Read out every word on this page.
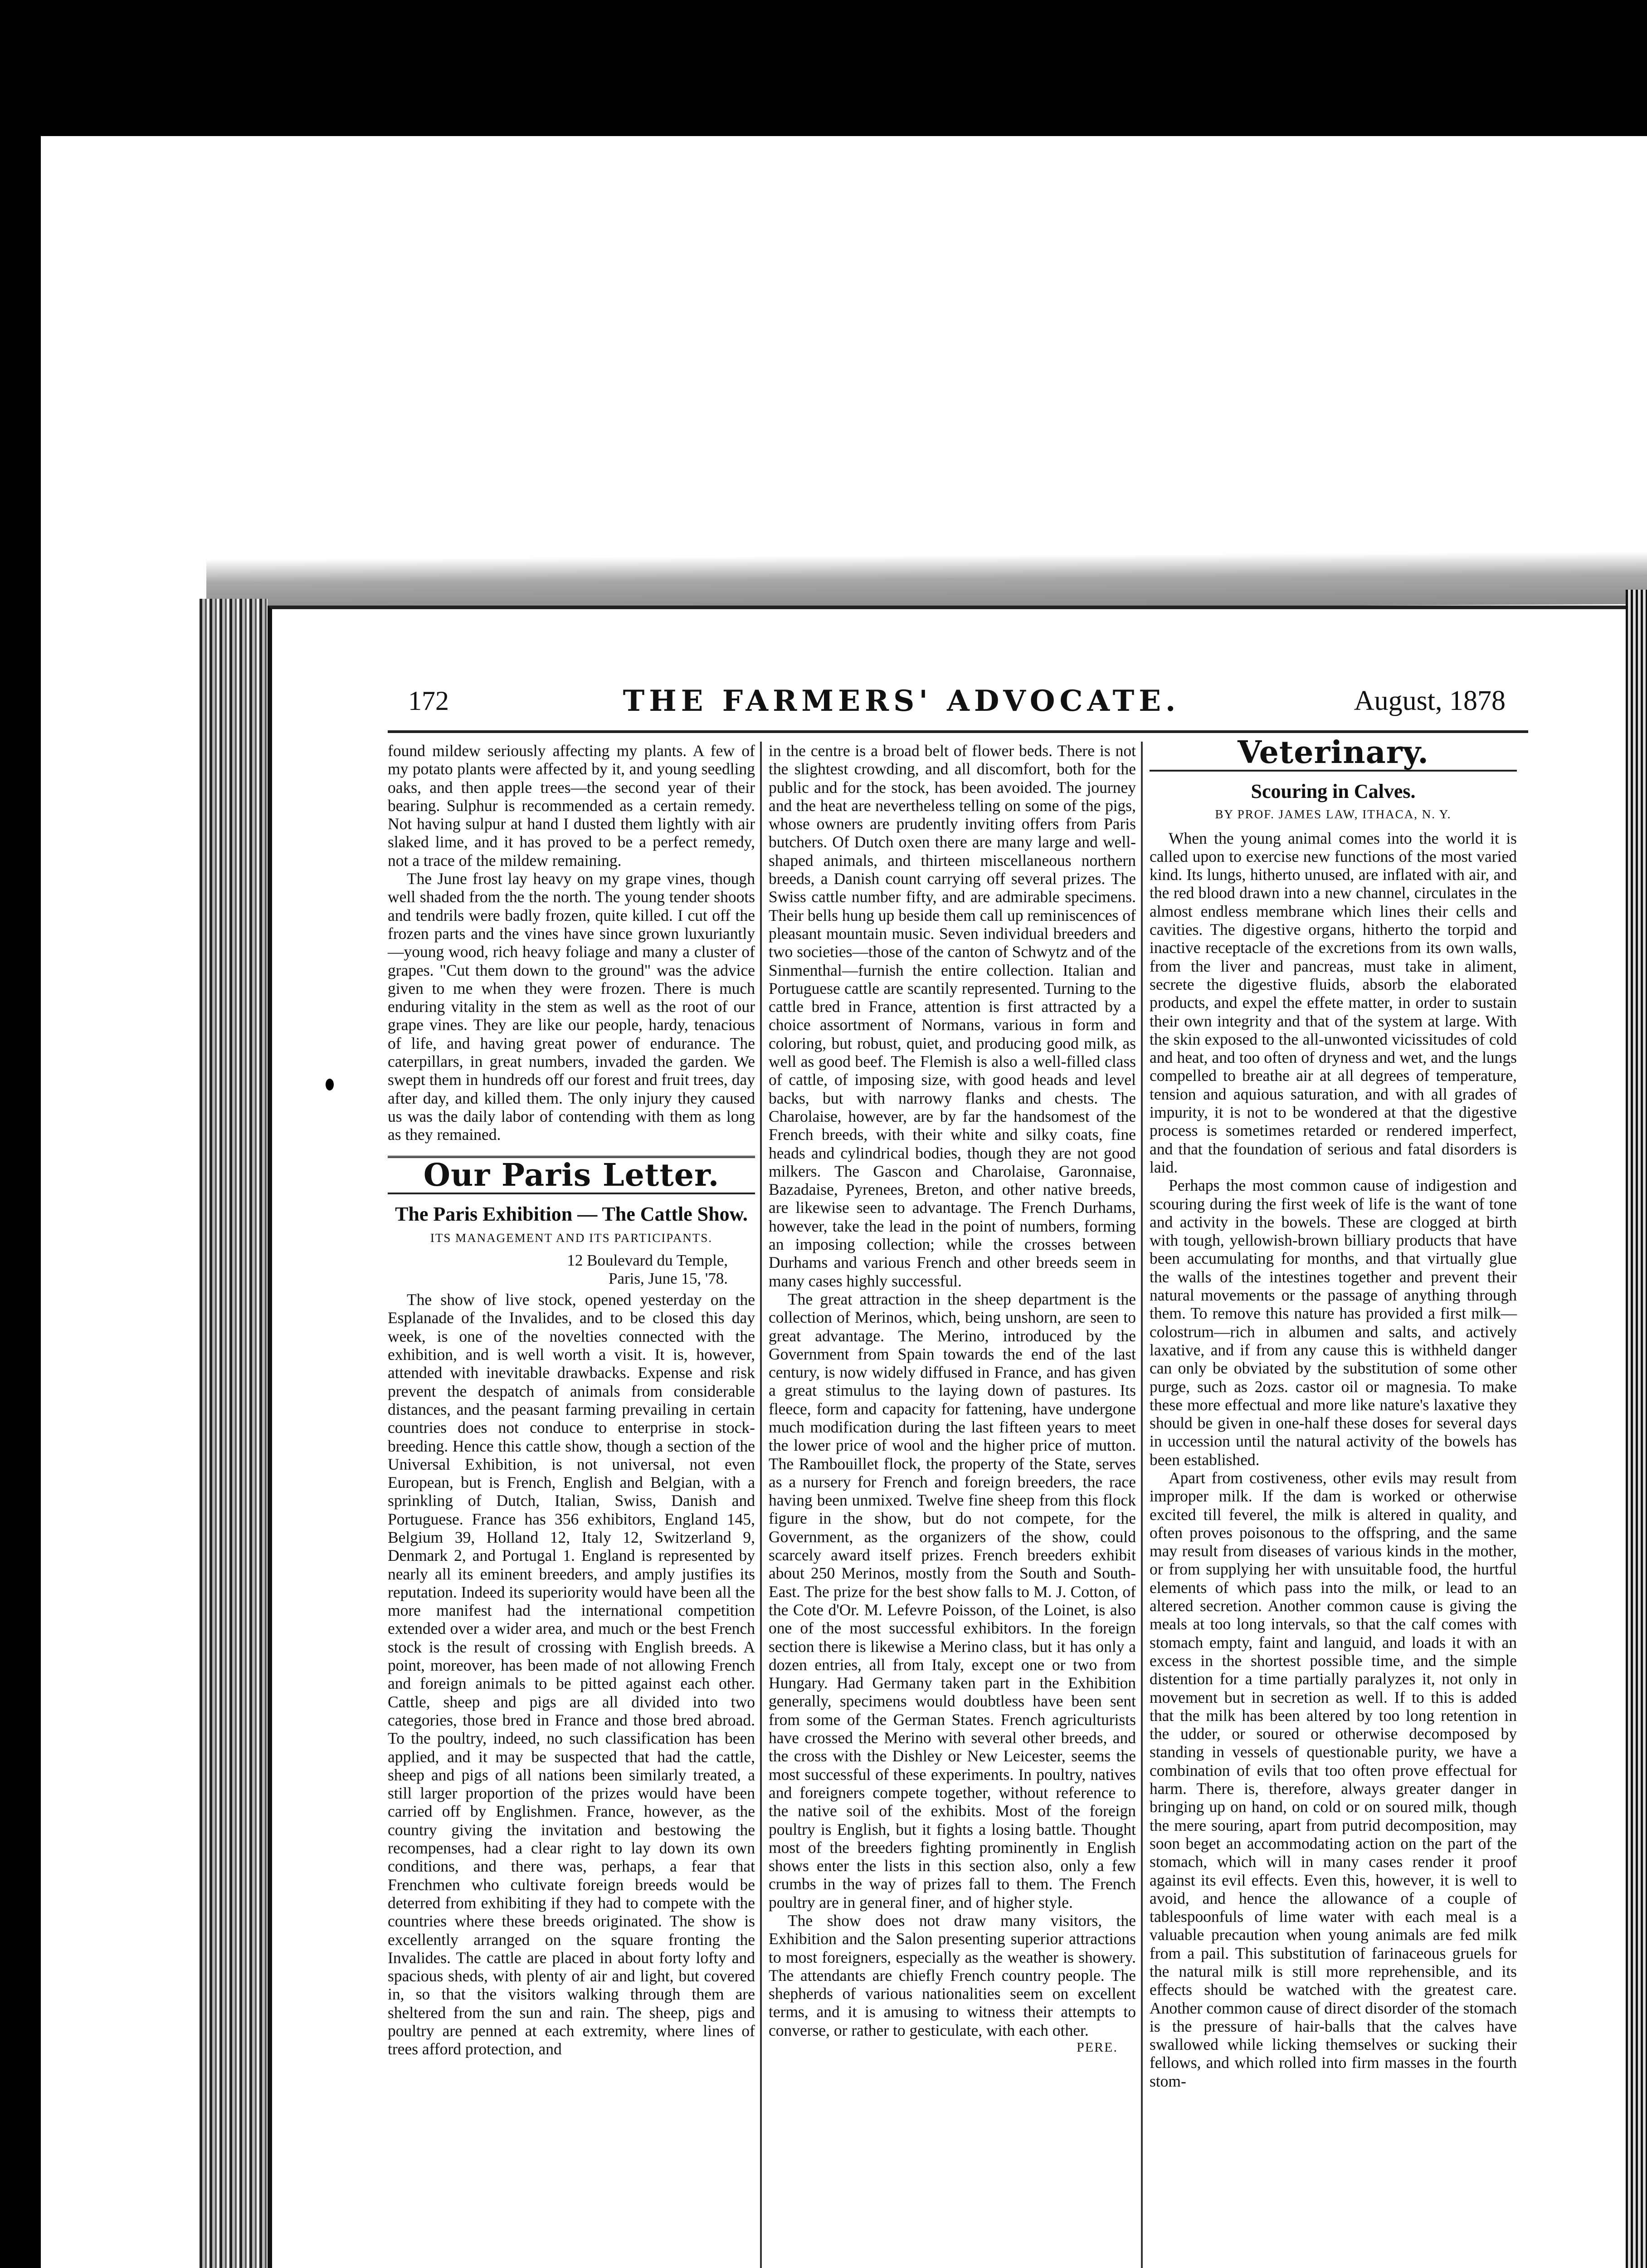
172	THE FARMERS' ADVOCATE.	August, 1878

found mildew seriously affecting my plants. A few of my potato plants were affected by it, and young seedling oaks, and then apple trees—the second year of their bearing. Sulphur is recommended as a certain remedy. Not having sulpur at hand I dusted them lightly with air slaked lime, and it has proved to be a perfect remedy, not a trace of the mildew remaining.

The June frost lay heavy on my grape vines, though well shaded from the the north. The young tender shoots and tendrils were badly frozen, quite killed. I cut off the frozen parts and the vines have since grown luxuriantly—young wood, rich heavy foliage and many a cluster of grapes. "Cut them down to the ground" was the advice given to me when they were frozen. There is much enduring vitality in the stem as well as the root of our grape vines. They are like our people, hardy, tenacious of life, and having great power of endurance. The caterpillars, in great numbers, invaded the garden. We swept them in hundreds off our forest and fruit trees, day after day, and killed them. The only injury they caused us was the daily labor of contending with them as long as they remained.

Our Paris Letter.
The Paris Exhibition — The Cattle Show.
ITS MANAGEMENT AND ITS PARTICIPANTS.
12 Boulevard du Temple,
Paris, June 15, '78.

The show of live stock, opened yesterday on the Esplanade of the Invalides, and to be closed this day week, is one of the novelties connected with the exhibition, and is well worth a visit. It is, however, attended with inevitable drawbacks. Expense and risk prevent the despatch of animals from considerable distances, and the peasant farming prevailing in certain countries does not conduce to enterprise in stock-breeding. Hence this cattle show, though a section of the Universal Exhibition, is not universal, not even European, but is French, English and Belgian, with a sprinkling of Dutch, Italian, Swiss, Danish and Portuguese. France has 356 exhibitors, England 145, Belgium 39, Holland 12, Italy 12, Switzerland 9, Denmark 2, and Portugal 1. England is represented by nearly all its eminent breeders, and amply justifies its reputation. Indeed its superiority would have been all the more manifest had the international competition extended over a wider area, and much or the best French stock is the result of crossing with English breeds. A point, moreover, has been made of not allowing French and foreign animals to be pitted against each other. Cattle, sheep and pigs are all divided into two categories, those bred in France and those bred abroad. To the poultry, indeed, no such classification has been applied, and it may be suspected that had the cattle, sheep and pigs of all nations been similarly treated, a still larger proportion of the prizes would have been carried off by Englishmen. France, however, as the country giving the invitation and bestowing the recompenses, had a clear right to lay down its own conditions, and there was, perhaps, a fear that Frenchmen who cultivate foreign breeds would be deterred from exhibiting if they had to compete with the countries where these breeds originated. The show is excellently arranged on the square fronting the Invalides. The cattle are placed in about forty lofty and spacious sheds, with plenty of air and light, but covered in, so that the visitors walking through them are sheltered from the sun and rain. The sheep, pigs and poultry are penned at each extremity, where lines of trees afford protection, and

in the centre is a broad belt of flower beds. There is not the slightest crowding, and all discomfort, both for the public and for the stock, has been avoided. The journey and the heat are nevertheless telling on some of the pigs, whose owners are prudently inviting offers from Paris butchers. Of Dutch oxen there are many large and well-shaped animals, and thirteen miscellaneous northern breeds, a Danish count carrying off several prizes. The Swiss cattle number fifty, and are admirable specimens. Their bells hung up beside them call up reminiscences of pleasant mountain music. Seven individual breeders and two societies—those of the canton of Schwytz and of the Sinmenthal—furnish the entire collection. Italian and Portuguese cattle are scantily represented. Turning to the cattle bred in France, attention is first attracted by a choice assortment of Normans, various in form and coloring, but robust, quiet, and producing good milk, as well as good beef. The Flemish is also a well-filled class of cattle, of imposing size, with good heads and level backs, but with narrowy flanks and chests. The Charolaise, however, are by far the handsomest of the French breeds, with their white and silky coats, fine heads and cylindrical bodies, though they are not good milkers. The Gascon and Charolaise, Garonnaise, Bazadaise, Pyrenees, Breton, and other native breeds, are likewise seen to advantage. The French Durhams, however, take the lead in the point of numbers, forming an imposing collection; while the crosses between Durhams and various French and other breeds seem in many cases highly successful.

The great attraction in the sheep department is the collection of Merinos, which, being unshorn, are seen to great advantage. The Merino, introduced by the Government from Spain towards the end of the last century, is now widely diffused in France, and has given a great stimulus to the laying down of pastures. Its fleece, form and capacity for fattening, have undergone much modification during the last fifteen years to meet the lower price of wool and the higher price of mutton. The Rambouillet flock, the property of the State, serves as a nursery for French and foreign breeders, the race having been unmixed. Twelve fine sheep from this flock figure in the show, but do not compete, for the Government, as the organizers of the show, could scarcely award itself prizes. French breeders exhibit about 250 Merinos, mostly from the South and South-East. The prize for the best show falls to M. J. Cotton, of the Cote d'Or. M. Lefevre Poisson, of the Loinet, is also one of the most successful exhibitors. In the foreign section there is likewise a Merino class, but it has only a dozen entries, all from Italy, except one or two from Hungary. Had Germany taken part in the Exhibition generally, specimens would doubtless have been sent from some of the German States. French agriculturists have crossed the Merino with several other breeds, and the cross with the Dishley or New Leicester, seems the most successful of these experiments. In poultry, natives and foreigners compete together, without reference to the native soil of the exhibits. Most of the foreign poultry is English, but it fights a losing battle. Thought most of the breeders fighting prominently in English shows enter the lists in this section also, only a few crumbs in the way of prizes fall to them. The French poultry are in general finer, and of higher style.

The show does not draw many visitors, the Exhibition and the Salon presenting superior attractions to most foreigners, especially as the weather is showery. The attendants are chiefly French country people. The shepherds of various nationalities seem on excellent terms, and it is amusing to witness their attempts to converse, or rather to gesticulate, with each other.

PERE.
Veterinary.
Scouring in Calves.
BY PROF. JAMES LAW, ITHACA, N. Y.

When the young animal comes into the world it is called upon to exercise new functions of the most varied kind. Its lungs, hitherto unused, are inflated with air, and the red blood drawn into a new channel, circulates in the almost endless membrane which lines their cells and cavities. The digestive organs, hitherto the torpid and inactive receptacle of the excretions from its own walls, from the liver and pancreas, must take in aliment, secrete the digestive fluids, absorb the elaborated products, and expel the effete matter, in order to sustain their own integrity and that of the system at large. With the skin exposed to the all-unwonted vicissitudes of cold and heat, and too often of dryness and wet, and the lungs compelled to breathe air at all degrees of temperature, tension and aquious saturation, and with all grades of impurity, it is not to be wondered at that the digestive process is sometimes retarded or rendered imperfect, and that the foundation of serious and fatal disorders is laid.

Perhaps the most common cause of indigestion and scouring during the first week of life is the want of tone and activity in the bowels. These are clogged at birth with tough, yellowish-brown billiary products that have been accumulating for months, and that virtually glue the walls of the intestines together and prevent their natural movements or the passage of anything through them. To remove this nature has provided a first milk—colostrum—rich in albumen and salts, and actively laxative, and if from any cause this is withheld danger can only be obviated by the substitution of some other purge, such as 2ozs. castor oil or magnesia. To make these more effectual and more like nature's laxative they should be given in one-half these doses for several days in uccession until the natural activity of the bowels has been established.

Apart from costiveness, other evils may result from improper milk. If the dam is worked or otherwise excited till feverel, the milk is altered in quality, and often proves poisonous to the offspring, and the same may result from diseases of various kinds in the mother, or from supplying her with unsuitable food, the hurtful elements of which pass into the milk, or lead to an altered secretion. Another common cause is giving the meals at too long intervals, so that the calf comes with stomach empty, faint and languid, and loads it with an excess in the shortest possible time, and the simple distention for a time partially paralyzes it, not only in movement but in secretion as well. If to this is added that the milk has been altered by too long retention in the udder, or soured or otherwise decomposed by standing in vessels of questionable purity, we have a combination of evils that too often prove effectual for harm. There is, therefore, always greater danger in bringing up on hand, on cold or on soured milk, though the mere souring, apart from putrid decomposition, may soon beget an accommodating action on the part of the stomach, which will in many cases render it proof against its evil effects. Even this, however, it is well to avoid, and hence the allowance of a couple of tablespoonfuls of lime water with each meal is a valuable precaution when young animals are fed milk from a pail. This substitution of farinaceous gruels for the natural milk is still more reprehensible, and its effects should be watched with the greatest care. Another common cause of direct disorder of the stomach is the pressure of hair-balls that the calves have swallowed while licking themselves or sucking their fellows, and which rolled into firm masses in the fourth stom-
